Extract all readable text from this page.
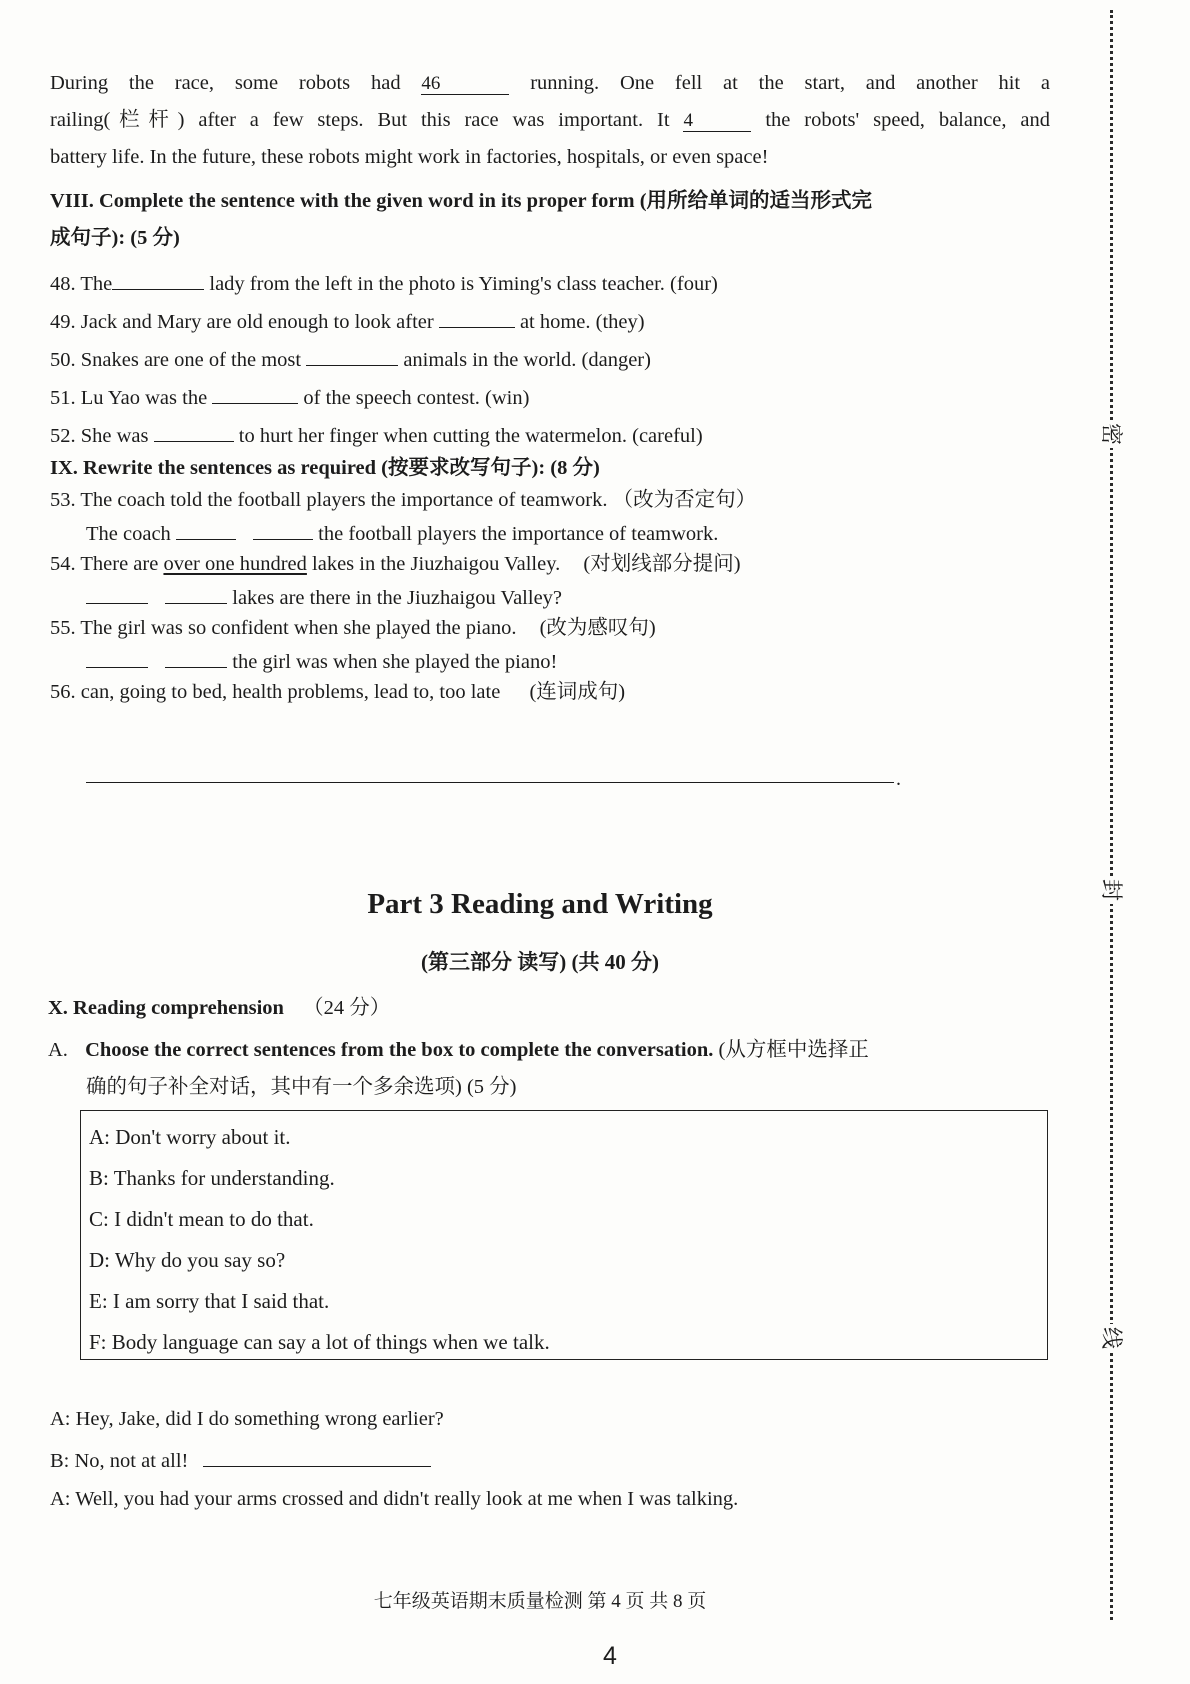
During the race, some robots had 46	running. One fell at the start, and another hit a
railing(栏杆) after a few steps. But this race was important. It 4	the robots' speed, balance, and
battery life. In the future, these robots might work in factories, hospitals, or even space!
VIII. Complete the sentence with the given word in its proper form (用所给单词的适当形式完
成句子): (5 分)
48. The	lady from the left in the photo is Yiming's class teacher. (four)
49. Jack and Mary are old enough to look after	at home. (they)
50. Snakes are one of the most	animals in the world. (danger)
51. Lu Yao was the	of the speech contest. (win)
52. She was	to hurt her finger when cutting the watermelon. (careful)
IX. Rewrite the sentences as required (按要求改写句子): (8 分)
53. The coach told the football players the importance of teamwork. （改为否定句）
The coach	the football players the importance of teamwork.
54. There are over one hundred lakes in the Jiuzhaigou Valley. (对划线部分提问)
lakes are there in the Jiuzhaigou Valley?
55. The girl was so confident when she played the piano. (改为感叹句)
the girl was when she played the piano!
56. can, going to bed, health problems, lead to, too late (连词成句)
.
Part 3 Reading and Writing
(第三部分 读写) (共 40 分)
X. Reading comprehension （24 分）
A. Choose the correct sentences from the box to complete the conversation. (从方框中选择正
确的句子补全对话，其中有一个多余选项) (5 分)
A: Don't worry about it.
B: Thanks for understanding.
C: I didn't mean to do that.
D: Why do you say so?
E: I am sorry that I said that.
F: Body language can say a lot of things when we talk.
A: Hey, Jake, did I do something wrong earlier?
B: No, not at all!
A: Well, you had your arms crossed and didn't really look at me when I was talking.
密
封
线
七年级英语期末质量检测 第 4 页 共 8 页
4
